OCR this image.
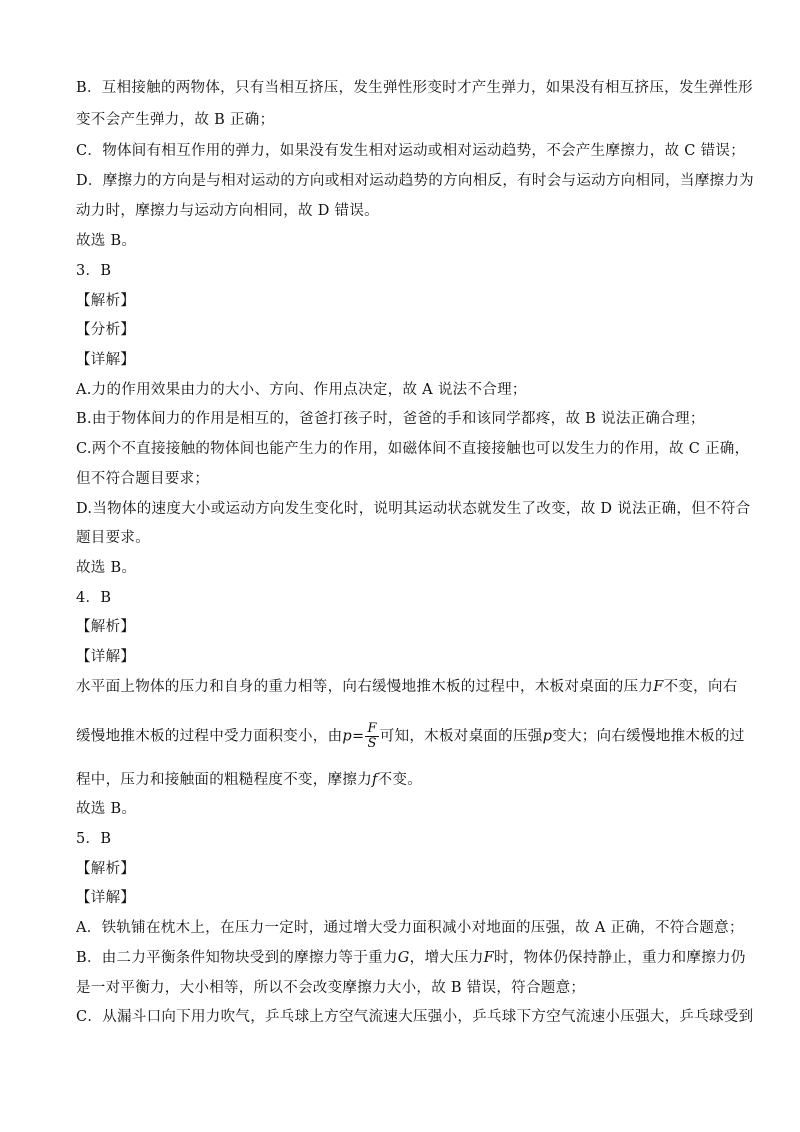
B．互相接触的两物体，只有当相互挤压，发生弹性形变时才产生弹力，如果没有相互挤压，发生弹性形
变不会产生弹力，故 B 正确；
C．物体间有相互作用的弹力，如果没有发生相对运动或相对运动趋势，不会产生摩擦力，故 C 错误；
D．摩擦力的方向是与相对运动的方向或相对运动趋势的方向相反，有时会与运动方向相同，当摩擦力为
动力时，摩擦力与运动方向相同，故 D 错误。
故选 B。
3．B
【解析】
【分析】
【详解】
A.力的作用效果由力的大小、方向、作用点决定，故 A 说法不合理；
B.由于物体间力的作用是相互的，爸爸打孩子时，爸爸的手和该同学都疼，故 B 说法正确合理；
C.两个不直接接触的物体间也能产生力的作用，如磁体间不直接接触也可以发生力的作用，故 C 正确，
但不符合题目要求；
D.当物体的速度大小或运动方向发生变化时，说明其运动状态就发生了改变，故 D 说法正确，但不符合
题目要求。
故选 B。
4．B
【解析】
【详解】
水平面上物体的压力和自身的重力相等，向右缓慢地推木板的过程中，木板对桌面的压力F不变，向右
缓慢地推木板的过程中受力面积变小，由$p= \frac{F}{S}$ 可知，木板对桌面的压强p变大；向右缓慢地推木板的过
程中，压力和接触面的粗糙程度不变，摩擦力f不变。
故选 B。
5．B
【解析】
【详解】
A．铁轨铺在枕木上，在压力一定时，通过增大受力面积减小对地面的压强，故 A 正确，不符合题意；
B．由二力平衡条件知物块受到的摩擦力等于重力G，增大压力F时，物体仍保持静止，重力和摩擦力仍
是一对平衡力，大小相等，所以不会改变摩擦力大小，故 B 错误，符合题意；
C．从漏斗口向下用力吹气，乒乓球上方空气流速大压强小，乒乓球下方空气流速小压强大，乒乓球受到
